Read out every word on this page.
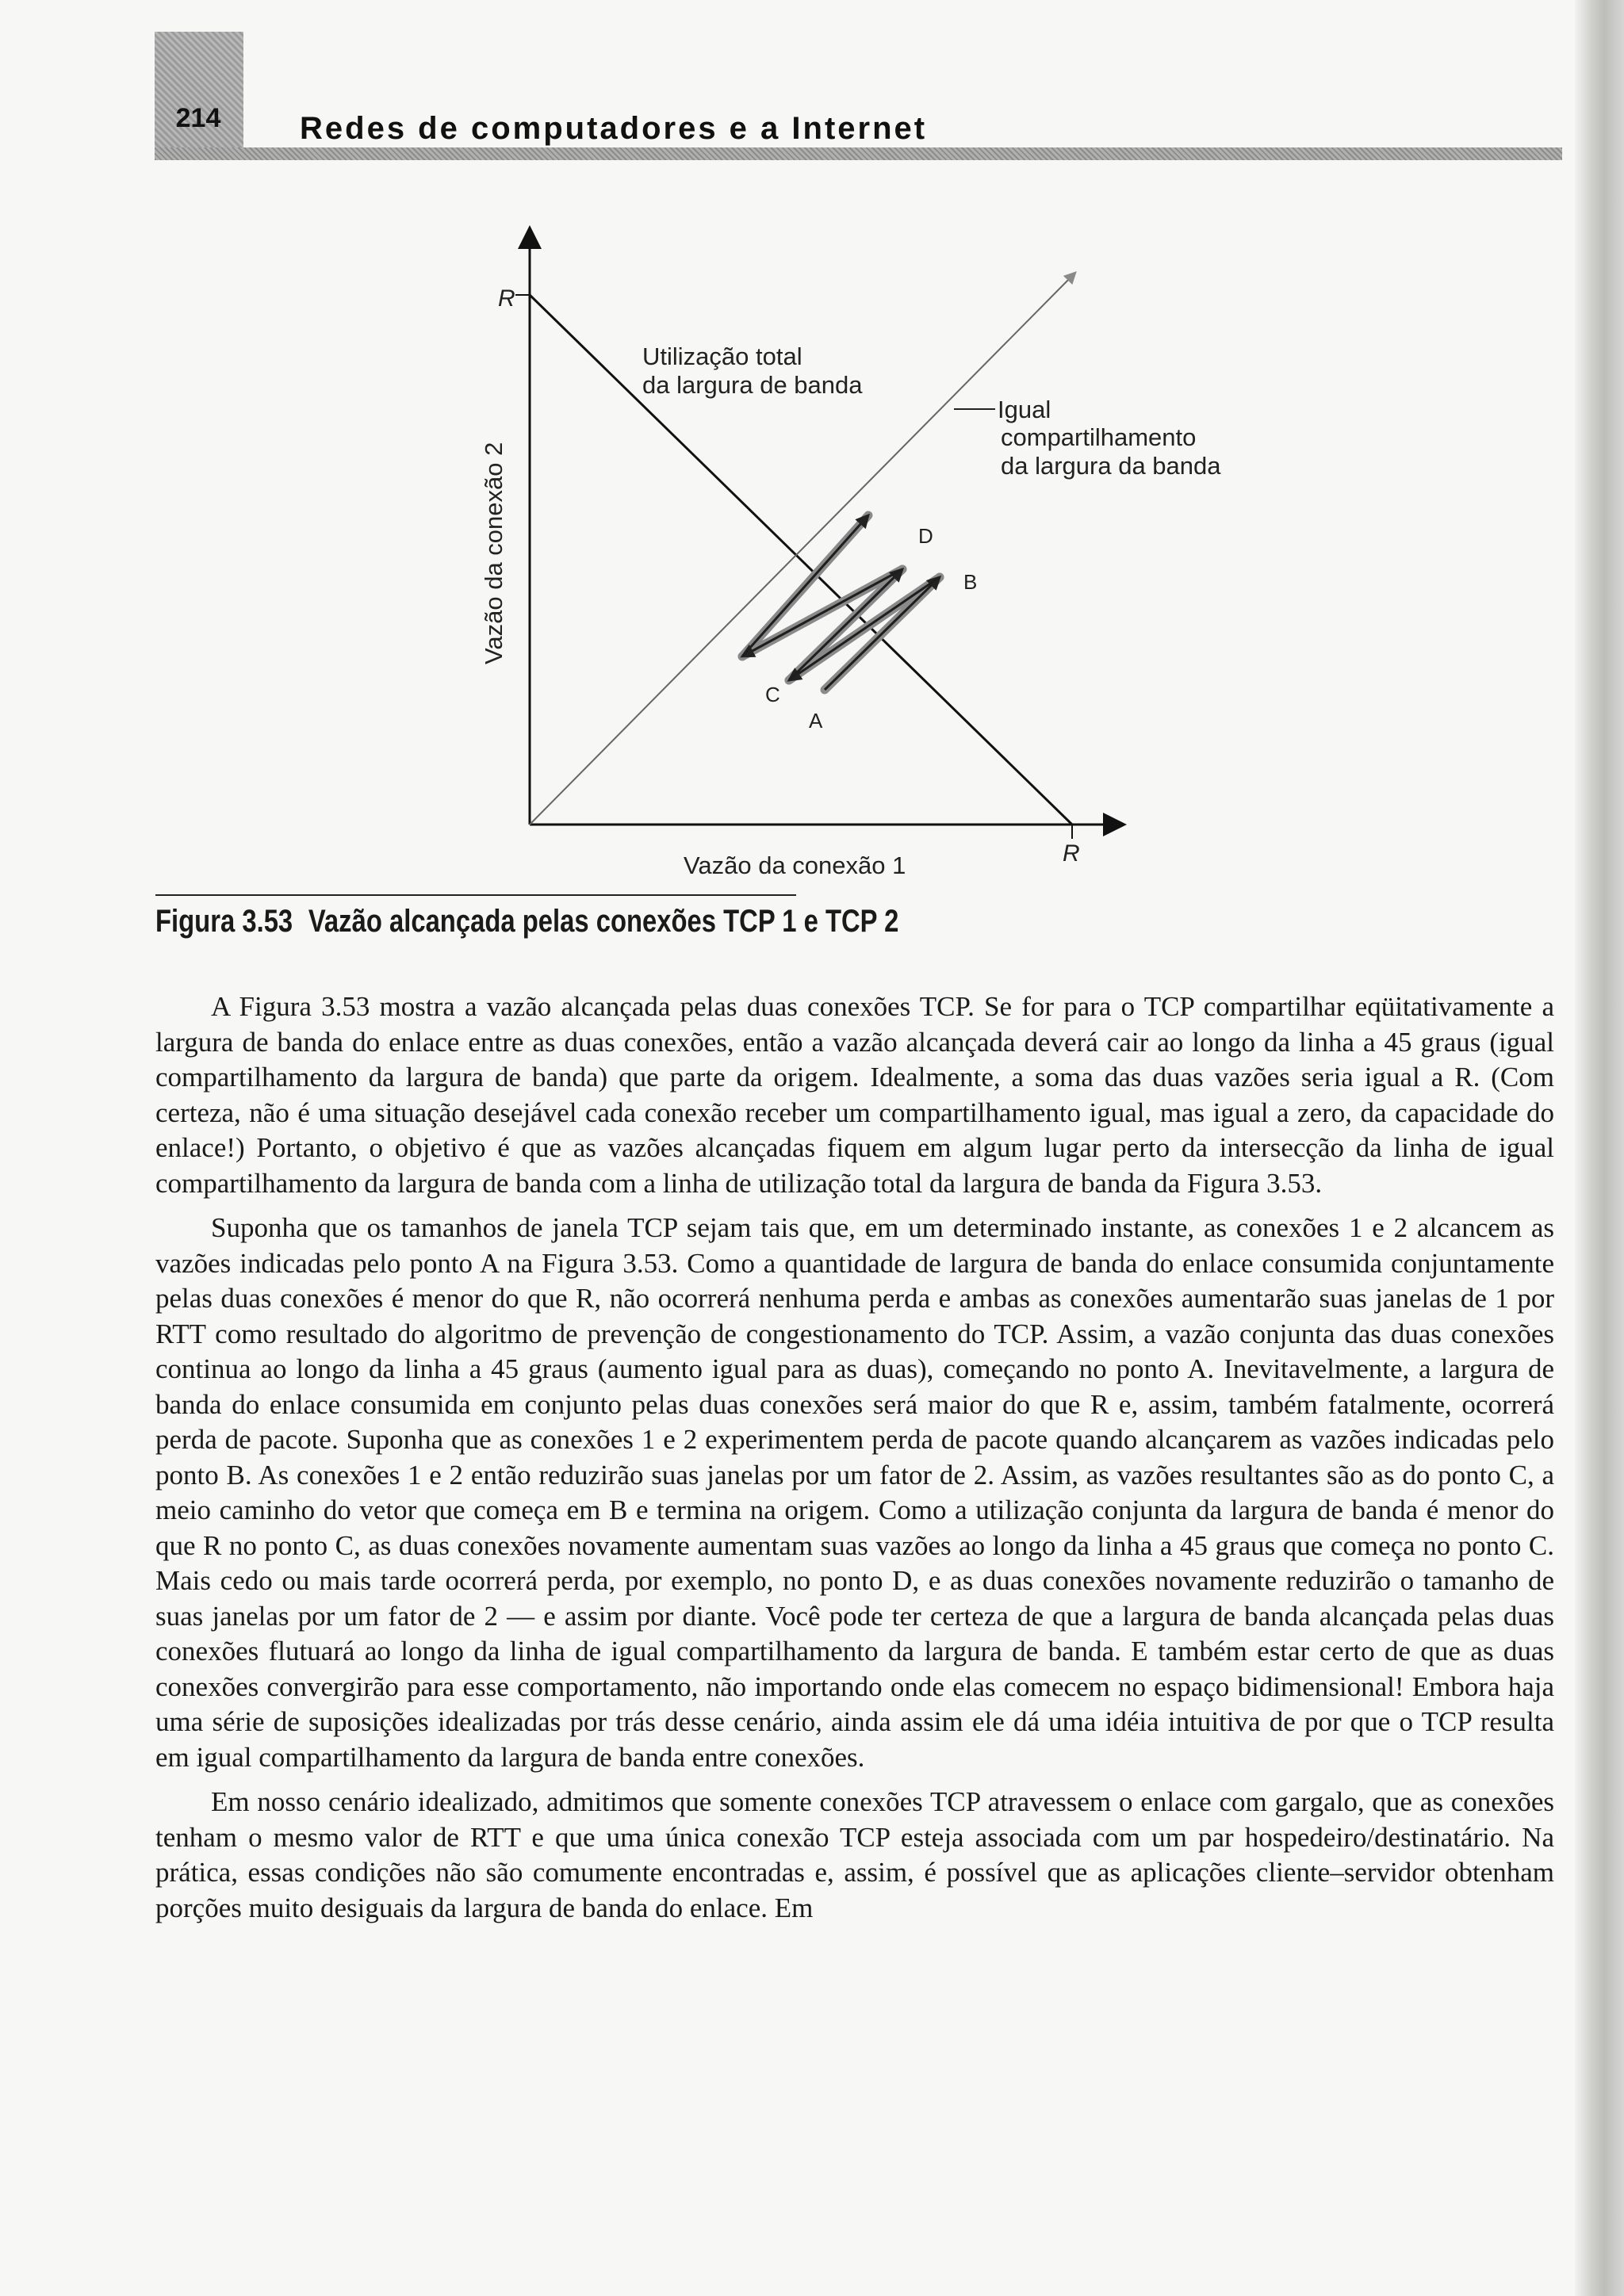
214	Redes de computadores e a Internet
R
R
Vazão da conexão 1
Vazão da conexão 2
Utilização total
da largura de banda
Igual
compartilhamento
da largura da banda
A
B
C
D
Figura 3.53 Vazão alcançada pelas conexões TCP 1 e TCP 2

A Figura 3.53 mostra a vazão alcançada pelas duas conexões TCP. Se for para o TCP compartilhar eqüitativamente a largura de banda do enlace entre as duas conexões, então a vazão alcançada deverá cair ao longo da linha a 45 graus (igual compartilhamento da largura de banda) que parte da origem. Idealmente, a soma das duas vazões seria igual a R. (Com certeza, não é uma situação desejável cada conexão receber um compartilhamento igual, mas igual a zero, da capacidade do enlace!) Portanto, o objetivo é que as vazões alcançadas fiquem em algum lugar perto da intersecção da linha de igual compartilhamento da largura de banda com a linha de utilização total da largura de banda da Figura 3.53.

Suponha que os tamanhos de janela TCP sejam tais que, em um determinado instante, as conexões 1 e 2 alcancem as vazões indicadas pelo ponto A na Figura 3.53. Como a quantidade de largura de banda do enlace consumida conjuntamente pelas duas conexões é menor do que R, não ocorrerá nenhuma perda e ambas as conexões aumentarão suas janelas de 1 por RTT como resultado do algoritmo de prevenção de congestionamento do TCP. Assim, a vazão conjunta das duas conexões continua ao longo da linha a 45 graus (aumento igual para as duas), começando no ponto A. Inevitavelmente, a largura de banda do enlace consumida em conjunto pelas duas conexões será maior do que R e, assim, também fatalmente, ocorrerá perda de pacote. Suponha que as conexões 1 e 2 experimentem perda de pacote quando alcançarem as vazões indicadas pelo ponto B. As conexões 1 e 2 então reduzirão suas janelas por um fator de 2. Assim, as vazões resultantes são as do ponto C, a meio caminho do vetor que começa em B e termina na origem. Como a utilização conjunta da largura de banda é menor do que R no ponto C, as duas conexões novamente aumentam suas vazões ao longo da linha a 45 graus que começa no ponto C. Mais cedo ou mais tarde ocorrerá perda, por exemplo, no ponto D, e as duas conexões novamente reduzirão o tamanho de suas janelas por um fator de 2 — e assim por diante. Você pode ter certeza de que a largura de banda alcançada pelas duas conexões flutuará ao longo da linha de igual compartilhamento da largura de banda. E também estar certo de que as duas conexões convergirão para esse comportamento, não importando onde elas comecem no espaço bidimensional! Embora haja uma série de suposições idealizadas por trás desse cenário, ainda assim ele dá uma idéia intuitiva de por que o TCP resulta em igual compartilhamento da largura de banda entre conexões.

Em nosso cenário idealizado, admitimos que somente conexões TCP atravessem o enlace com gargalo, que as conexões tenham o mesmo valor de RTT e que uma única conexão TCP esteja associada com um par hospedeiro/destinatário. Na prática, essas condições não são comumente encontradas e, assim, é possível que as aplicações cliente–servidor obtenham porções muito desiguais da largura de banda do enlace. Em
